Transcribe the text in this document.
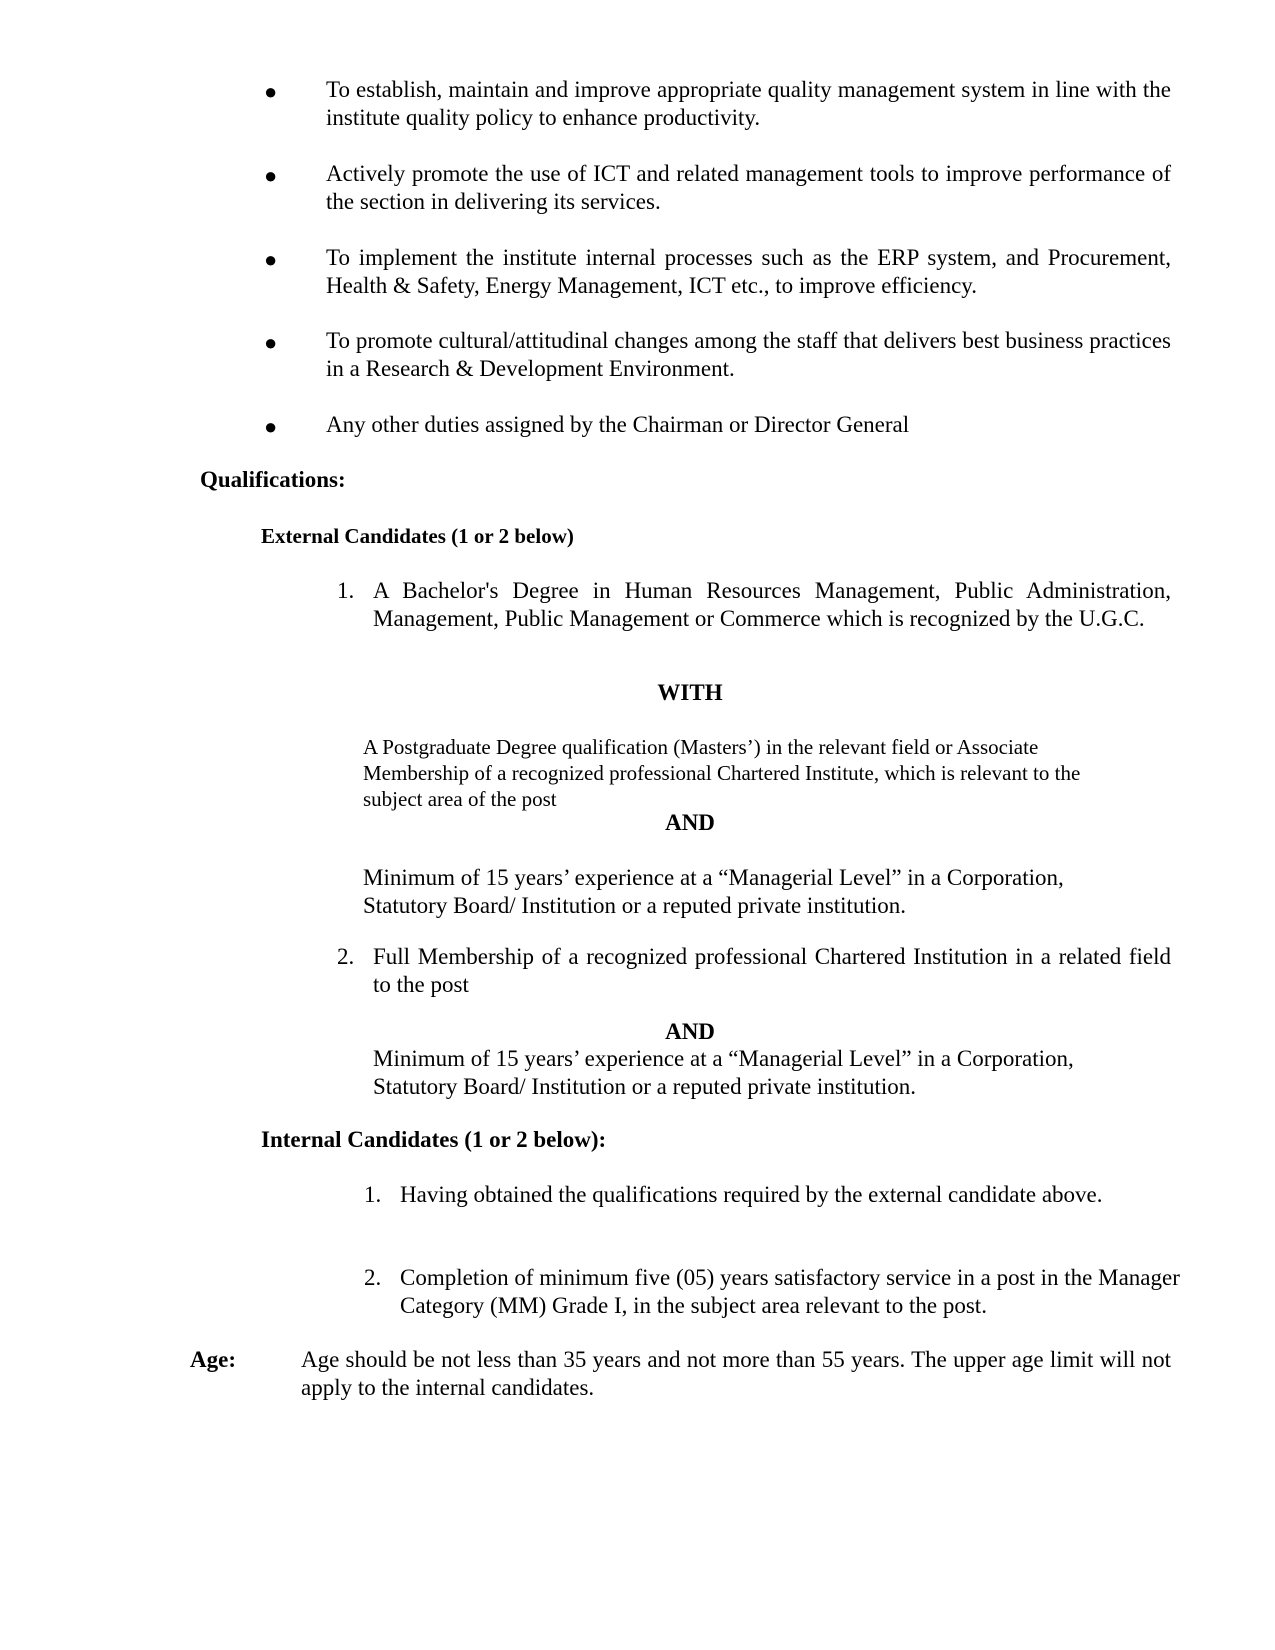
● To establish, maintain and improve appropriate quality management system in line with the institute quality policy to enhance productivity.
● Actively promote the use of ICT and related management tools to improve performance of the section in delivering its services.
● To implement the institute internal processes such as the ERP system, and Procurement, Health & Safety, Energy Management, ICT etc., to improve efficiency.
● To promote cultural/attitudinal changes among the staff that delivers best business practices in a Research & Development Environment.
● Any other duties assigned by the Chairman or Director General
Qualifications:
External Candidates (1 or 2 below)
1. A Bachelor's Degree in Human Resources Management, Public Administration, Management, Public Management or Commerce which is recognized by the U.G.C.
WITH
A Postgraduate Degree qualification (Masters’) in the relevant field or Associate Membership of a recognized professional Chartered Institute, which is relevant to the subject area of the post
AND
Minimum of 15 years’ experience at a “Managerial Level” in a Corporation, Statutory Board/ Institution or a reputed private institution.
2. Full Membership of a recognized professional Chartered Institution in a related field    to the post
AND
Minimum of 15 years’ experience at a “Managerial Level” in a Corporation, Statutory Board/ Institution or a reputed private institution.
Internal Candidates (1 or 2 below):
1. Having obtained the qualifications required by the external candidate above.
2. Completion of minimum five (05) years satisfactory service in a post in the Manager Category (MM) Grade I, in the subject area relevant to the post.
Age:	Age should be not less than 35 years and not more than 55 years. The upper age limit will not apply to the internal candidates.
